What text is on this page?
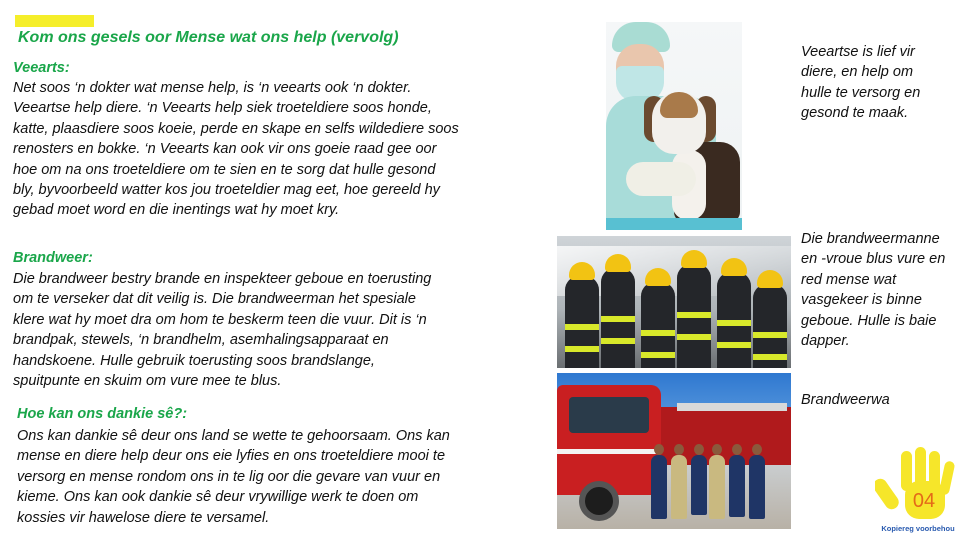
Kom ons gesels oor Mense wat ons help (vervolg)
Veearts:

Net soos ‘n dokter wat mense help, is ‘n veearts ook ‘n dokter.
Veeartse help diere. ‘n Veearts help siek troeteldiere soos honde,
katte, plaasdiere soos koeie, perde en skape en selfs wildediere soos
renosters en bokke. ‘n Veearts kan ook vir ons goeie raad gee oor
hoe om na ons troeteldiere om te sien en te sorg dat hulle gesond
bly, byvoorbeeld watter kos jou troeteldier mag eet, hoe gereeld hy
gebad moet word en die inentings wat hy moet kry.

Brandweer:

Die brandweer bestry brande en inspekteer geboue en toerusting
om te verseker dat dit veilig is. Die brandweerman het spesiale
klere wat hy moet dra om hom te beskerm teen die vuur. Dit is ‘n
brandpak, stewels, ‘n brandhelm, asemhalingsapparaat en
handskoene. Hulle gebruik toerusting soos brandslange,
spuitpunte en skuim om vure mee te blus.

Hoe kan ons dankie sê?:

Ons kan dankie sê deur ons land se wette te gehoorsaam. Ons kan
mense en diere help deur ons eie lyfies en ons troeteldiere mooi te
versorg en mense rondom ons in te lig oor die gevare van vuur en
kieme. Ons kan ook dankie sê deur vrywillige werk te doen om
kossies vir hawelose diere te versamel.

Veeartse is lief vir
diere, en help om
hulle te versorg en
gesond te maak.

Die brandweermanne
en -vroue blus vure en
red mense wat
vasgekeer is binne
geboue. Hulle is baie
dapper.

Brandweerwa

04

Kopiereg voorbehou
